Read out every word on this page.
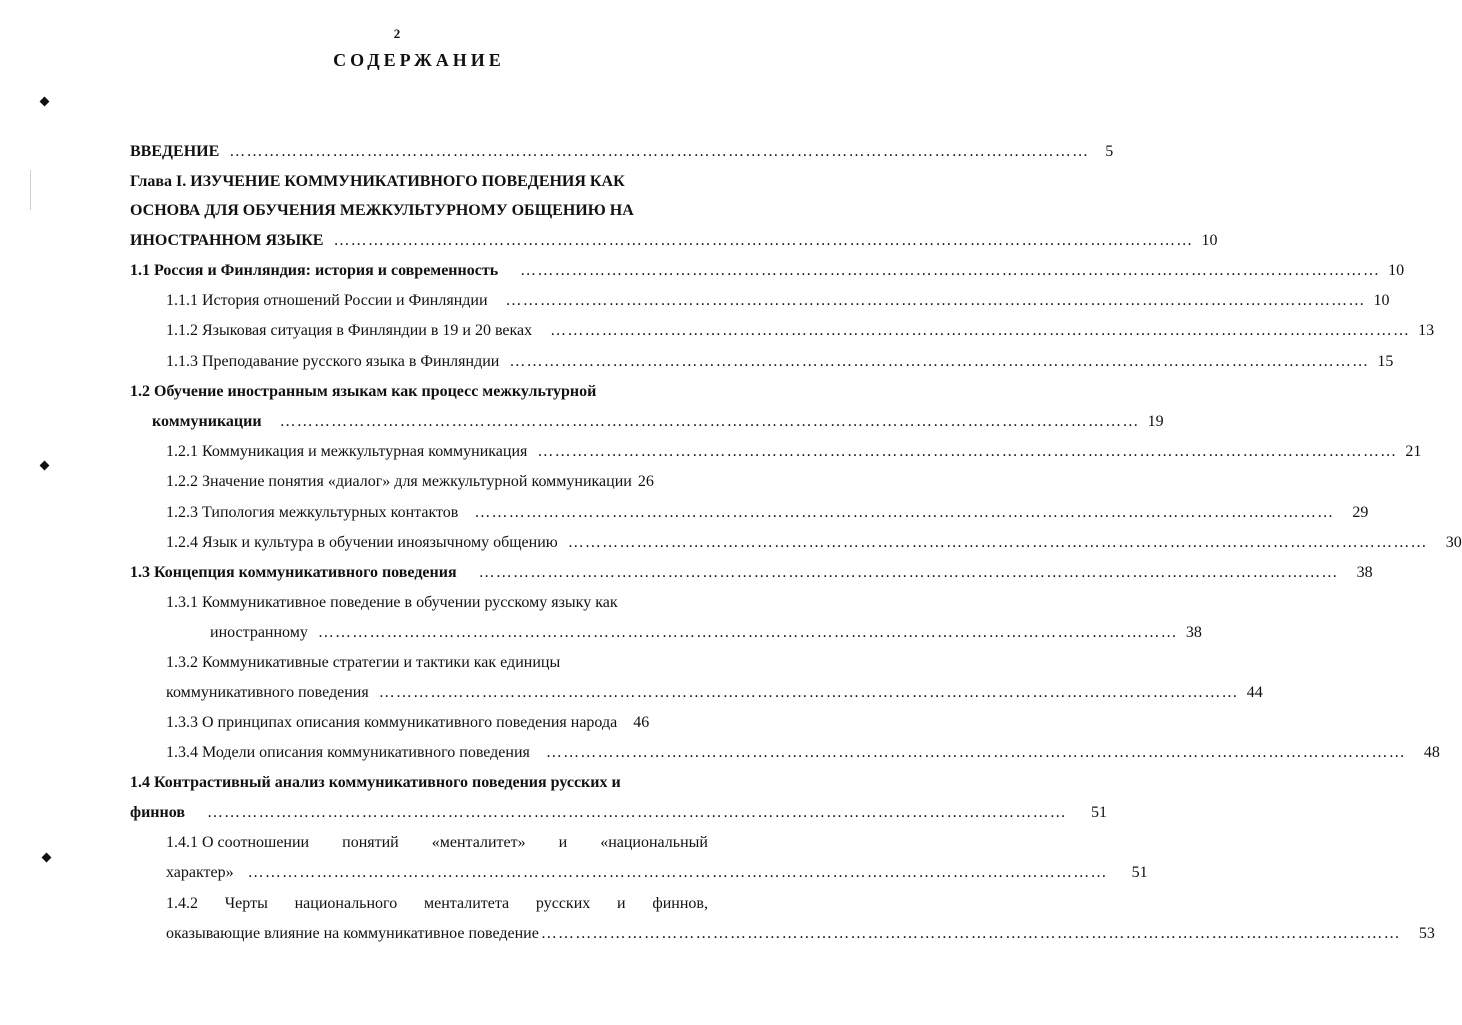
2
СОДЕРЖАНИЕ
ВВЕДЕНИЕ ……………………………………………………………………………………………………………………………………	5
Глава I. ИЗУЧЕНИЕ КОММУНИКАТИВНОГО ПОВЕДЕНИЯ КАК
ОСНОВА ДЛЯ ОБУЧЕНИЯ МЕЖКУЛЬТУРНОМУ ОБЩЕНИЮ НА
ИНОСТРАННОМ ЯЗЫКЕ …………………………………………………………………………………………………………………………………… 10
1.1 Россия и Финляндия: история и современность …………………………………………………………………………………………………………………………………… 10
1.1.1 История отношений России и Финляндии …………………………………………………………………………………………………………………………………… 10
1.1.2 Языковая ситуация в Финляндии в 19 и 20 веках …………………………………………………………………………………………………………………………………… 13
1.1.3 Преподавание русского языка в Финляндии …………………………………………………………………………………………………………………………………… 15
1.2 Обучение иностранным языкам как процесс межкультурной
коммуникации …………………………………………………………………………………………………………………………………… 19
1.2.1 Коммуникация и межкультурная коммуникация …………………………………………………………………………………………………………………………………… 21
1.2.2 Значение понятия «диалог» для межкультурной коммуникации 26
1.2.3 Типология межкультурных контактов …………………………………………………………………………………………………………………………………… 29
1.2.4 Язык и культура в обучении иноязычному общению …………………………………………………………………………………………………………………………………… 30
1.3 Концепция коммуникативного поведения …………………………………………………………………………………………………………………………………… 38
1.3.1 Коммуникативное поведение в обучении русскому языку как
иностранному …………………………………………………………………………………………………………………………………… 38
1.3.2 Коммуникативные стратегии и тактики как единицы
коммуникативного поведения …………………………………………………………………………………………………………………………………… 44
1.3.3 О принципах описания коммуникативного поведения народа 46
1.3.4 Модели описания коммуникативного поведения …………………………………………………………………………………………………………………………………… 48
1.4 Контрастивный анализ коммуникативного поведения русских и
финнов …………………………………………………………………………………………………………………………………… 51
1.4.1 О соотношении понятий «менталитет» и «национальный
характер» …………………………………………………………………………………………………………………………………… 51
1.4.2 Черты национального менталитета русских и финнов,
оказывающие влияние на коммуникативное поведение …………………………………………………………………………………………………………………………………… 53
